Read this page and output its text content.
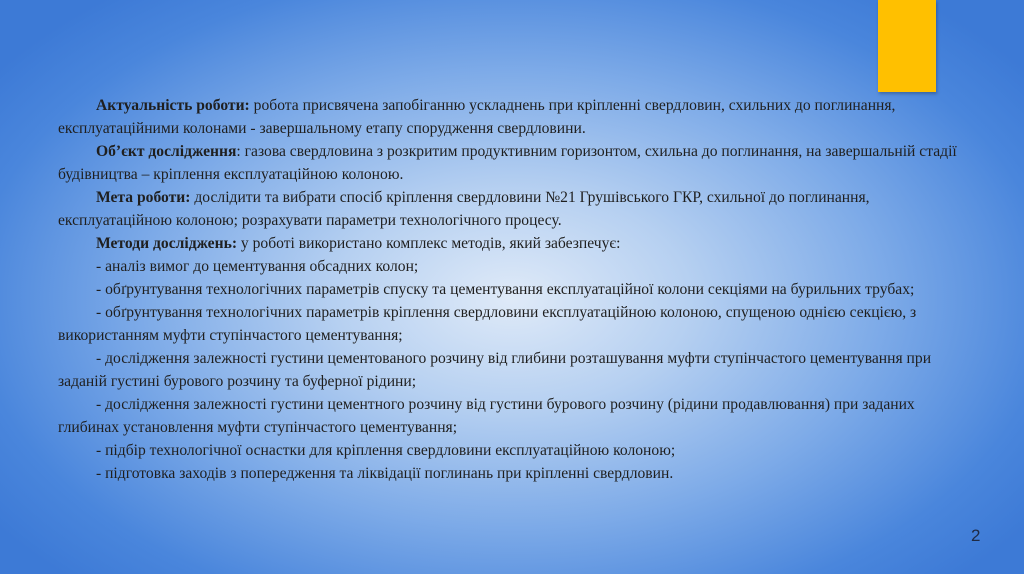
Актуальність роботи: робота присвячена запобіганню ускладнень при кріпленні свердловин, схильних до поглинання, експлуатаційними колонами - завершальному етапу спорудження свердловини.

Об’єкт дослідження: газова свердловина з розкритим продуктивним горизонтом, схильна до поглинання, на завершальній стадії будівництва – кріплення експлуатаційною колоною.

Мета роботи: дослідити та вибрати спосіб кріплення свердловини №21 Грушівського ГКР, схильної до поглинання, експлуатаційною колоною; розрахувати параметри технологічного процесу.

Методи досліджень: у роботі використано комплекс методів, який забезпечує:

- аналіз вимог до цементування обсадних колон;

- обґрунтування технологічних параметрів спуску та цементування експлуатаційної колони секціями на бурильних трубах;

- обґрунтування технологічних параметрів кріплення свердловини експлуатаційною колоною, спущеною однією секцією, з використанням муфти ступінчастого цементування;

- дослідження залежності густини цементованого розчину від глибини розташування муфти ступінчастого цементування при заданій густині бурового розчину та буферної рідини;

- дослідження залежності густини цементного розчину від густини бурового розчину (рідини продавлювання) при заданих глибинах установлення муфти ступінчастого цементування;

- підбір технологічної оснастки для кріплення свердловини експлуатаційною колоною;

- підготовка заходів з попередження та ліквідації поглинань при кріпленні свердловин.

2
